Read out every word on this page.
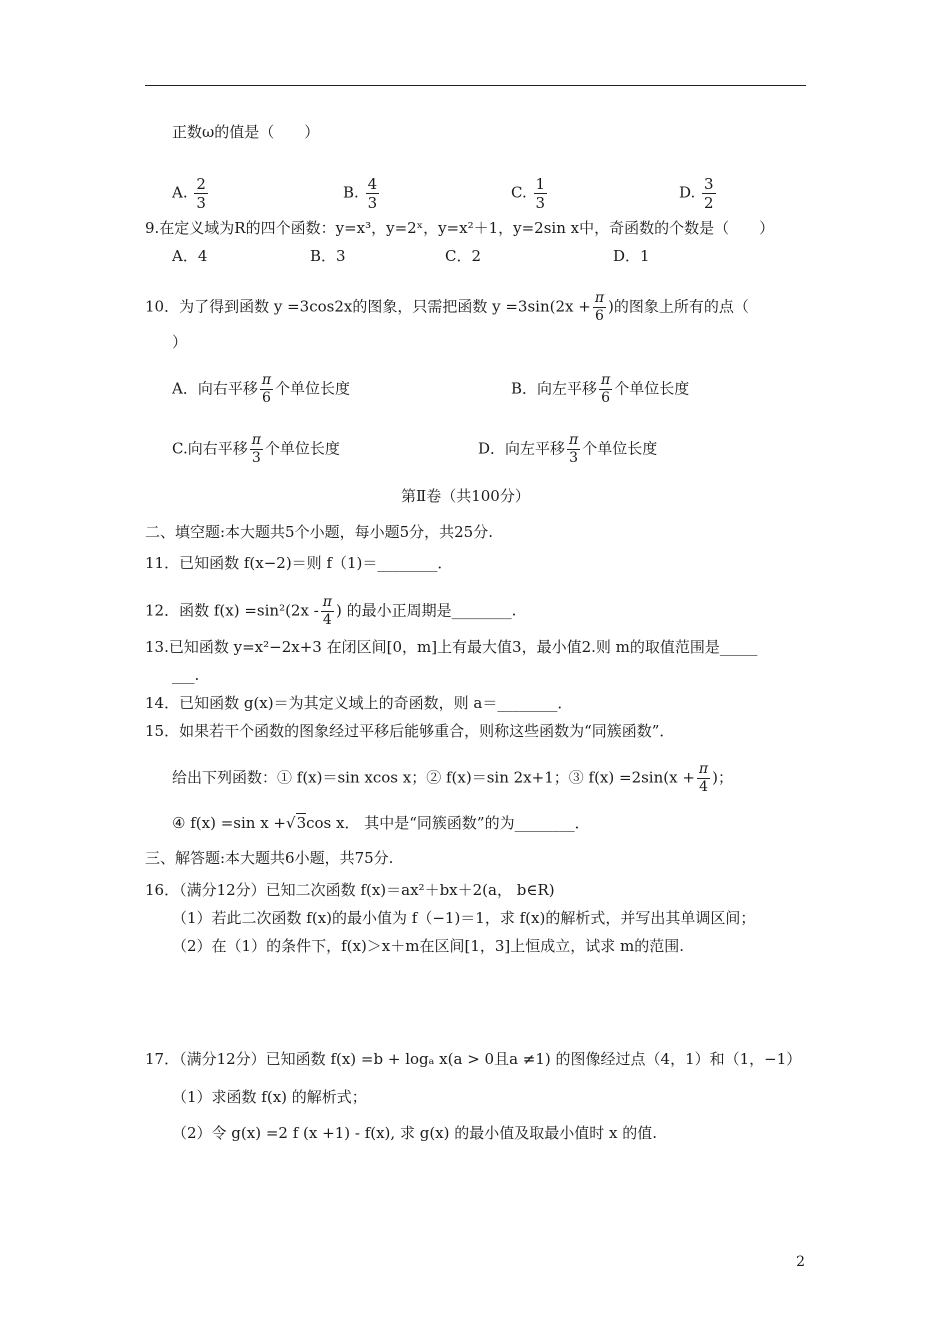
正数ω的值是（　　）
A. $\frac{2}{3}$	B. $\frac{4}{3}$	C. $\frac{1}{3}$	D. $\frac{3}{2}$
9.在定义域为R的四个函数：y=x³，y=2ˣ，y=x²＋1，y=2sin x中，奇函数的个数是（　　）
A．4	B．3	C．2	D．1
10．为了得到函数 y =3cos2x的图象，只需把函数 $y =3\sin(2x + \frac{\pi}{6}$ )的图象上所有的点（
）
A．向右平移 $\frac{\pi}{6}$ 个单位长度	B．向左平移 $\frac{\pi}{6}$ 个单位长度
C.向右平移 $\frac{\pi}{3}$ 个单位长度	D．向左平移 $\frac{\pi}{3}$ 个单位长度
第Ⅱ卷（共100分）
二、填空题:本大题共5个小题，每小题5分，共25分.
11．已知函数 f(x−2)＝则 f（1)＝________．
12．函数 $f(x) =\sin^2(2x - \frac{\pi}{4}$ ) 的最小正周期是________.
13.已知函数 y=x²−2x+3 在闭区间[0，m]上有最大值3，最小值2.则 m的取值范围是_____
___.
14．已知函数 g(x)＝为其定义域上的奇函数，则 a＝________．
15．如果若干个函数的图象经过平移后能够重合，则称这些函数为“同簇函数”．
给出下列函数：① f(x)＝sin xcos x；② f(x)＝sin 2x+1；③ $f(x) =2\sin(x + \frac{\pi}{4}$ )；
④ f(x) =sin x +√3cos x． 其中是“同簇函数”的为________．
三、解答题:本大题共6小题，共75分.
16．（满分12分）已知二次函数 f(x)＝ax²＋bx＋2(a， b∈R)
（1）若此二次函数 f(x)的最小值为 f（−1)＝1，求 f(x)的解析式，并写出其单调区间；
（2）在（1）的条件下，f(x)＞x＋m在区间[1，3]上恒成立，试求 m的范围.
17．（满分12分）已知函数 f(x) =b + logₐ x(a > 0且a ≠1) 的图像经过点（4，1）和（1，−1）
（1）求函数 f(x) 的解析式；
（2）令 g(x) =2 f (x +1) - f(x), 求 g(x) 的最小值及取最小值时 x 的值.
2
